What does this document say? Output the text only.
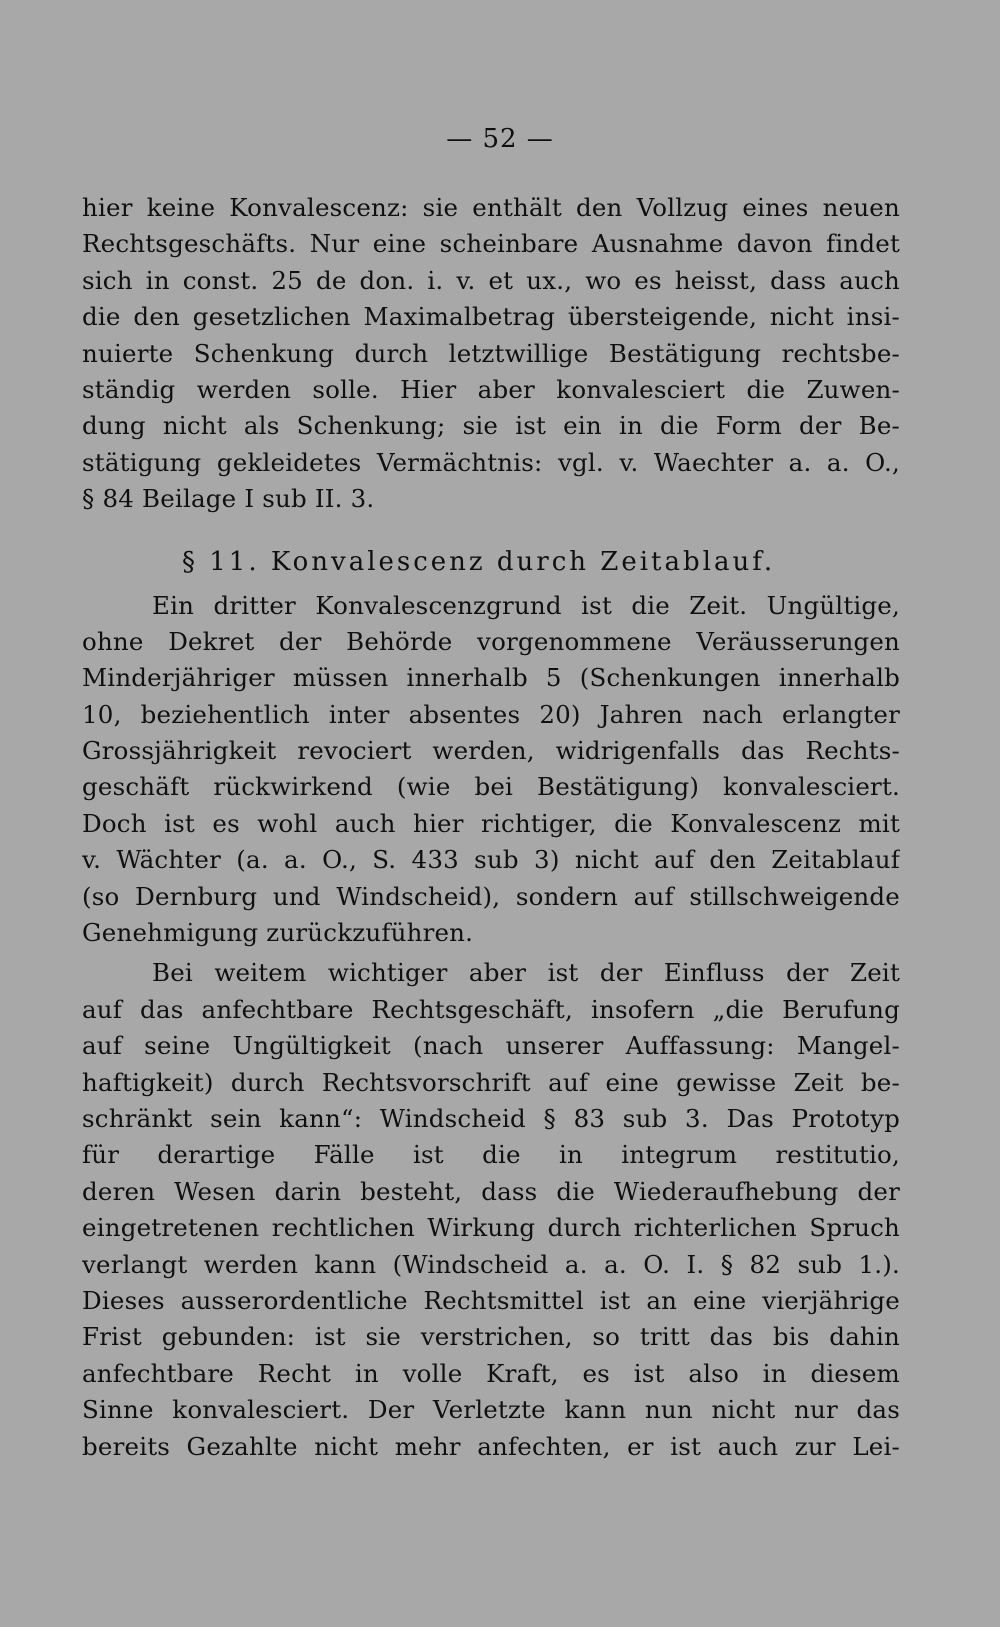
— 52 —
hier keine Konvalescenz: sie enthält den Vollzug eines neuen
Rechtsgeschäfts. Nur eine scheinbare Ausnahme davon findet
sich in const. 25 de don. i. v. et ux., wo es heisst, dass auch
die den gesetzlichen Maximalbetrag übersteigende, nicht insi-
nuierte Schenkung durch letztwillige Bestätigung rechtsbe-
ständig werden solle. Hier aber konvalesciert die Zuwen-
dung nicht als Schenkung; sie ist ein in die Form der Be-
stätigung gekleidetes Vermächtnis: vgl. v. Waechter a. a. O.,
§ 84 Beilage I sub II. 3.
§ 11. Konvalescenz durch Zeitablauf.
Ein dritter Konvalescenzgrund ist die Zeit. Ungültige,
ohne Dekret der Behörde vorgenommene Veräusserungen
Minderjähriger müssen innerhalb 5 (Schenkungen innerhalb
10, beziehentlich inter absentes 20) Jahren nach erlangter
Grossjährigkeit revociert werden, widrigenfalls das Rechts-
geschäft rückwirkend (wie bei Bestätigung) konvalesciert.
Doch ist es wohl auch hier richtiger, die Konvalescenz mit
v. Wächter (a. a. O., S. 433 sub 3) nicht auf den Zeitablauf
(so Dernburg und Windscheid), sondern auf stillschweigende
Genehmigung zurückzuführen.
Bei weitem wichtiger aber ist der Einfluss der Zeit
auf das anfechtbare Rechtsgeschäft, insofern „die Berufung
auf seine Ungültigkeit (nach unserer Auffassung: Mangel-
haftigkeit) durch Rechtsvorschrift auf eine gewisse Zeit be-
schränkt sein kann“: Windscheid § 83 sub 3. Das Prototyp
für derartige Fälle ist die in integrum restitutio,
deren Wesen darin besteht, dass die Wiederaufhebung der
eingetretenen rechtlichen Wirkung durch richterlichen Spruch
verlangt werden kann (Windscheid a. a. O. I. § 82 sub 1.).
Dieses ausserordentliche Rechtsmittel ist an eine vierjährige
Frist gebunden: ist sie verstrichen, so tritt das bis dahin
anfechtbare Recht in volle Kraft, es ist also in diesem
Sinne konvalesciert. Der Verletzte kann nun nicht nur das
bereits Gezahlte nicht mehr anfechten, er ist auch zur Lei-
